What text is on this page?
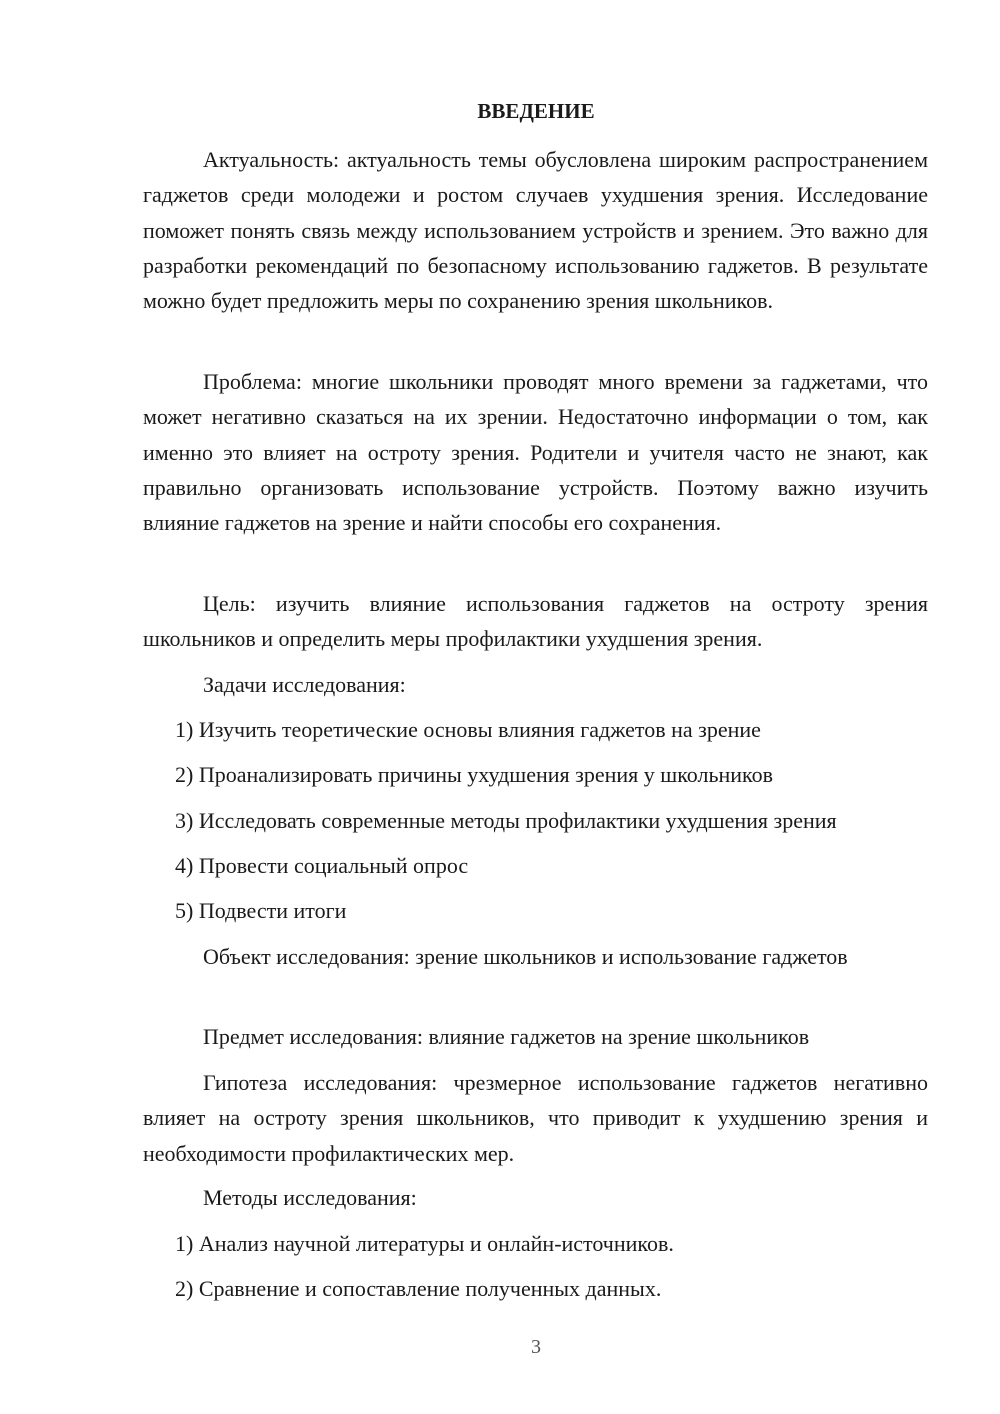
ВВЕДЕНИЕ

Актуальность: актуальность темы обусловлена широким распространением гаджетов среди молодежи и ростом случаев ухудшения зрения. Исследование поможет понять связь между использованием устройств и зрением. Это важно для разработки рекомендаций по безопасному использованию гаджетов. В результате можно будет предложить меры по сохранению зрения школьников.

Проблема: многие школьники проводят много времени за гаджетами, что может негативно сказаться на их зрении. Недостаточно информации о том, как именно это влияет на остроту зрения. Родители и учителя часто не знают, как правильно организовать использование устройств. Поэтому важно изучить влияние гаджетов на зрение и найти способы его сохранения.

Цель: изучить влияние использования гаджетов на остроту зрения школьников и определить меры профилактики ухудшения зрения.

Задачи исследования:

1) Изучить теоретические основы влияния гаджетов на зрение

2) Проанализировать причины ухудшения зрения у школьников

3) Исследовать современные методы профилактики ухудшения зрения

4) Провести социальный опрос

5) Подвести итоги

Объект исследования: зрение школьников и использование гаджетов

Предмет исследования: влияние гаджетов на зрение школьников

Гипотеза исследования: чрезмерное использование гаджетов негативно влияет на остроту зрения школьников, что приводит к ухудшению зрения и необходимости профилактических мер.

Методы исследования:

1) Анализ научной литературы и онлайн-источников.

2) Сравнение и сопоставление полученных данных.

3
